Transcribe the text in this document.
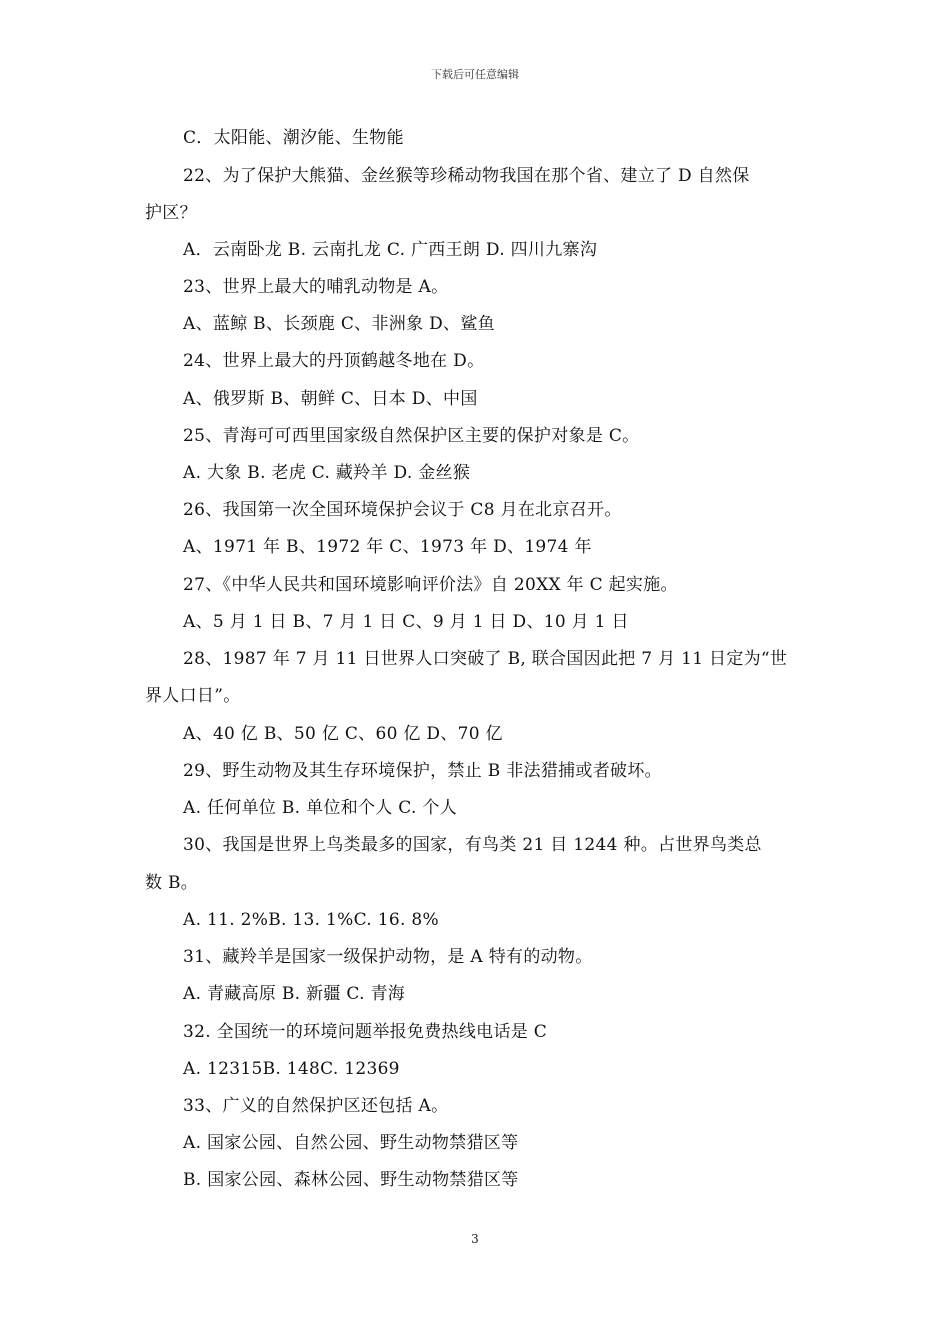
下载后可任意编辑
C．太阳能、潮汐能、生物能
22、为了保护大熊猫、金丝猴等珍稀动物我国在那个省、建立了 D 自然保
护区？
A．云南卧龙 B. 云南扎龙 C. 广西王朗 D. 四川九寨沟
23、世界上最大的哺乳动物是 A。
A、蓝鲸 B、长颈鹿 C、非洲象 D、鲨鱼
24、世界上最大的丹顶鹤越冬地在 D。
A、俄罗斯 B、朝鲜 C、日本 D、中国
25、青海可可西里国家级自然保护区主要的保护对象是 C。
A. 大象 B. 老虎 C. 藏羚羊 D. 金丝猴
26、我国第一次全国环境保护会议于 C8 月在北京召开。
A、1971 年 B、1972 年 C、1973 年 D、1974 年
27、《中华人民共和国环境影响评价法》自 20XX 年 C 起实施。
A、5 月 1 日 B、7 月 1 日 C、9 月 1 日 D、10 月 1 日
28、1987 年 7 月 11 日世界人口突破了 B, 联合国因此把 7 月 11 日定为“世
界人口日”。
A、40 亿 B、50 亿 C、60 亿 D、70 亿
29、野生动物及其生存环境保护，禁止 B 非法猎捕或者破坏。
A. 任何单位 B. 单位和个人 C. 个人
30、我国是世界上鸟类最多的国家，有鸟类 21 目 1244 种。占世界鸟类总
数 B。
A. 11. 2%B. 13. 1%C. 16. 8%
31、藏羚羊是国家一级保护动物，是 A 特有的动物。
A. 青藏高原 B. 新疆 C. 青海
32. 全国统一的环境问题举报免费热线电话是 C
A. 12315B. 148C. 12369
33、广义的自然保护区还包括 A。
A. 国家公园、自然公园、野生动物禁猎区等
B. 国家公园、森林公园、野生动物禁猎区等
3
